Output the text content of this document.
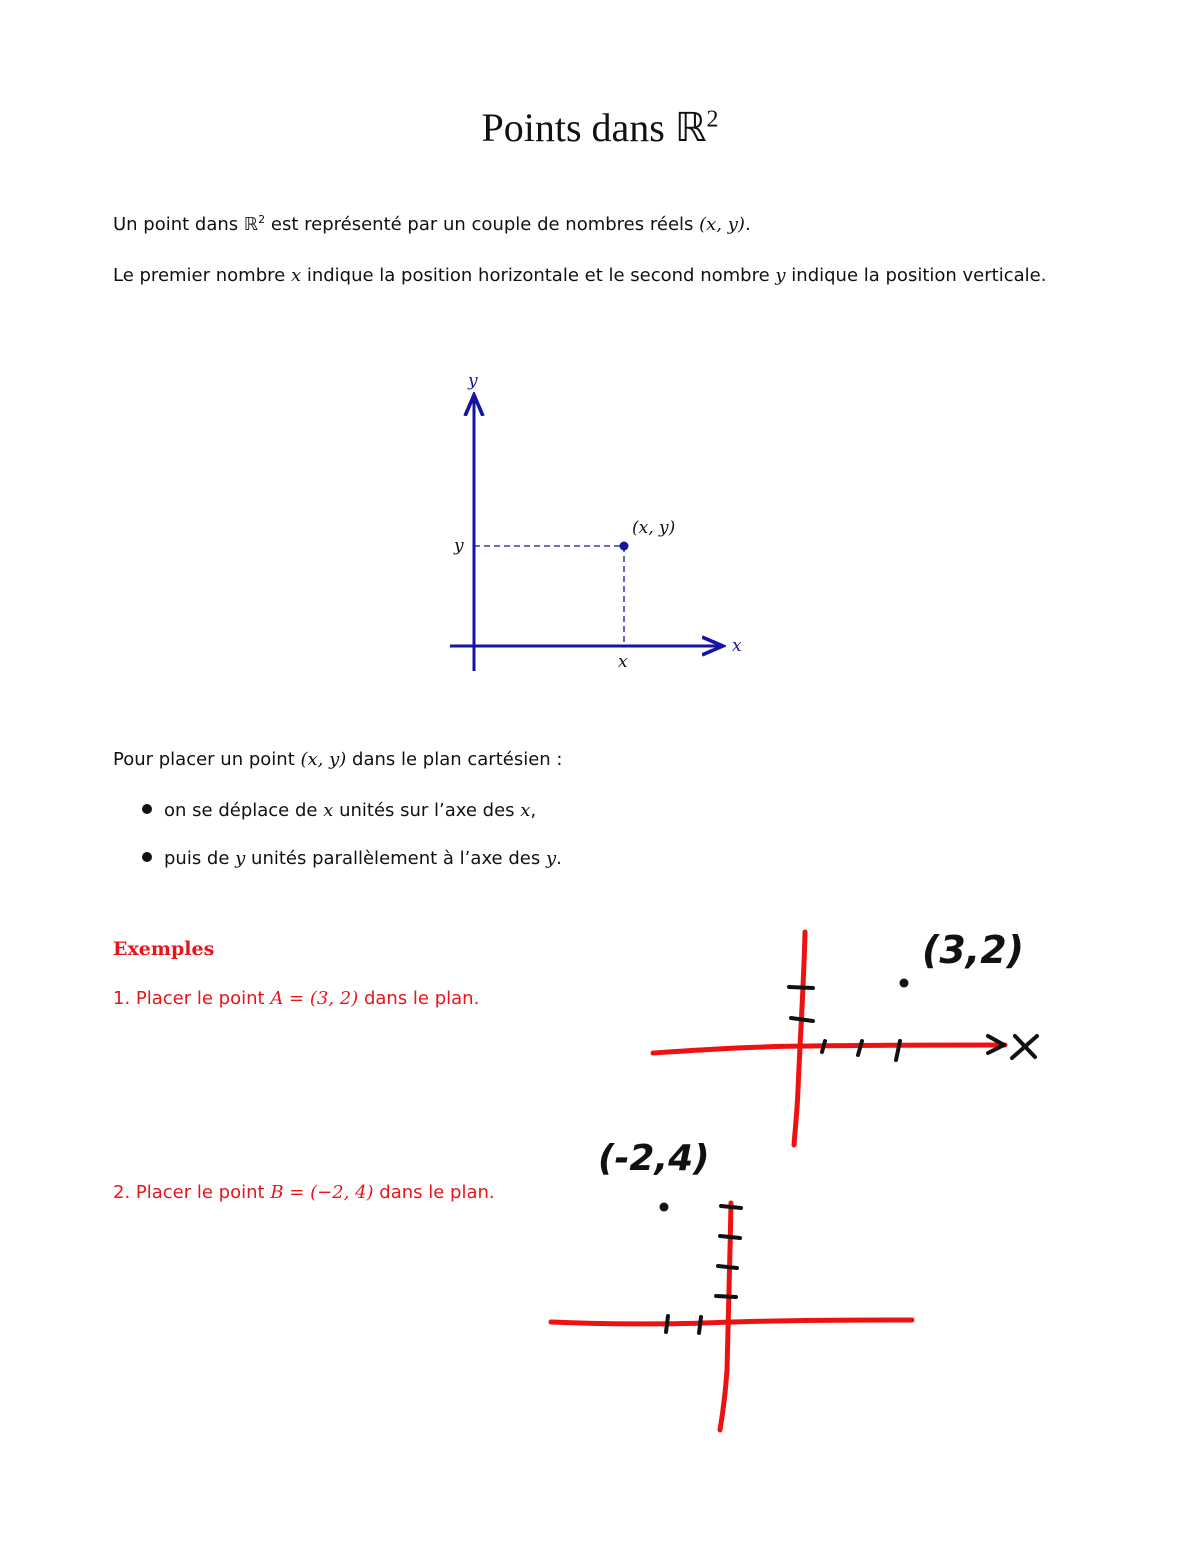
Points dans ℝ$^2$
Un point dans ℝ$^2$ est représenté par un couple de nombres réels (x, y).
Le premier nombre x indique la position horizontale et le second nombre y indique la position verticale.
y
x
y
x
(x, y)
(3,2)
(-2,4)
Pour placer un point (x, y) dans le plan cartésien :
on se déplace de x unités sur l’axe des x,
puis de y unités parallèlement à l’axe des y.
Exemples
1. Placer le point A = (3, 2) dans le plan.
2. Placer le point B = (−2, 4) dans le plan.
